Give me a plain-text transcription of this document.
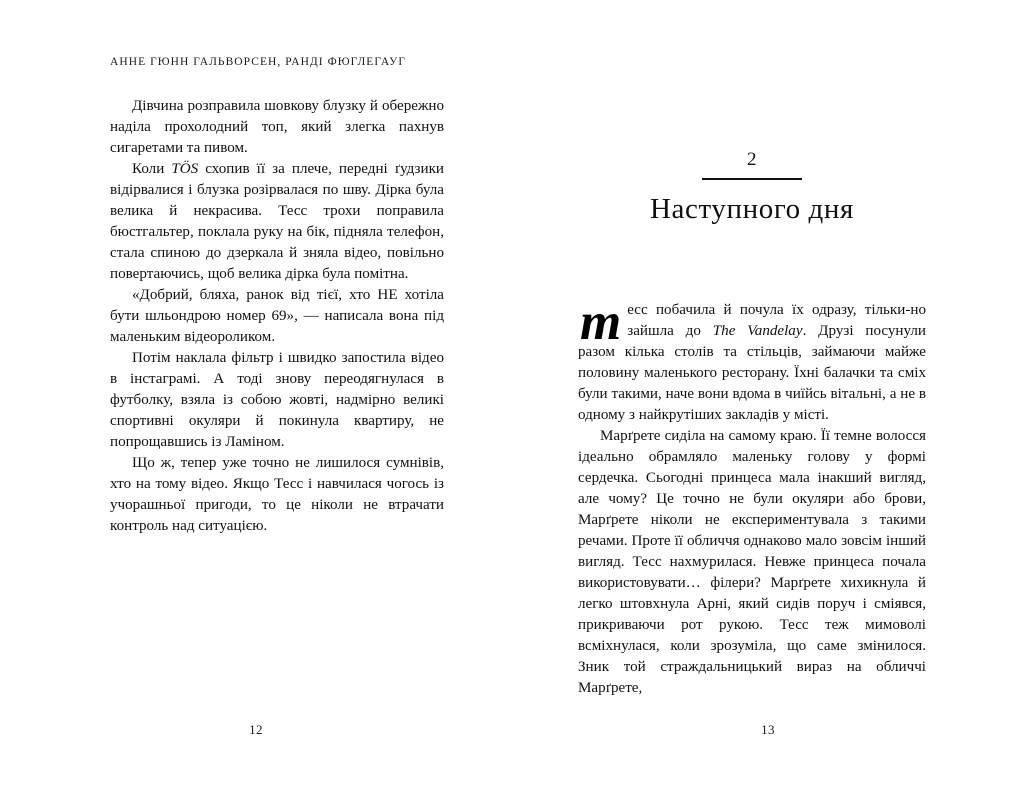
АННЕ ГЮНН ГАЛЬВОРСЕН, РАНДІ ФЮГЛЕГАУГ

Дівчина розправила шовкову блузку й обережно наділа прохолодний топ, який злегка пахнув сигаретами та пивом.

Коли TÖS схопив її за плече, передні ґудзики відірвалися і блузка розірвалася по шву. Дірка була велика й некрасива. Тесс трохи поправила бюстгальтер, поклала руку на бік, підняла телефон, стала спиною до дзеркала й зняла відео, повільно повертаючись, щоб велика дірка була помітна.

«Добрий, бляха, ранок від тієї, хто НЕ хотіла бути шльондрою номер 69», — написала вона під маленьким відеороликом.

Потім наклала фільтр і швидко запостила відео в інстаграмі. А тоді знову переодягнулася в футболку, взяла із собою жовті, надмірно великі спортивні окуляри й покинула квартиру, не попрощавшись із Ламіном.

Що ж, тепер уже точно не лишилося сумнівів, хто на тому відео. Якщо Тесс і навчилася чогось із учорашньої пригоди, то це ніколи не втрачати контроль над ситуацією.

12
2
Наступного дня

тесс побачила й почула їх одразу, тільки-но зайшла до The Vandelay. Друзі посунули разом кілька столів та стільців, займаючи майже половину маленького ресторану. Їхні балачки та сміх були такими, наче вони вдома в чиїйсь вітальні, а не в одному з найкрутіших закладів у місті.

Марґрете сиділа на самому краю. Її темне волосся ідеально обрамляло маленьку голову у формі сердечка. Сьогодні принцеса мала інакший вигляд, але чому? Це точно не були окуляри або брови, Марґрете ніколи не експериментувала з такими речами. Проте її обличчя однаково мало зовсім інший вигляд. Тесс нахмурилася. Невже принцеса почала використовувати… філери? Марґрете хихикнула й легко штовхнула Арні, який сидів поруч і сміявся, прикриваючи рот рукою. Тесс теж мимоволі всміхнулася, коли зрозуміла, що саме змінилося. Зник той страждальницький вираз на обличчі Марґрете,

13
